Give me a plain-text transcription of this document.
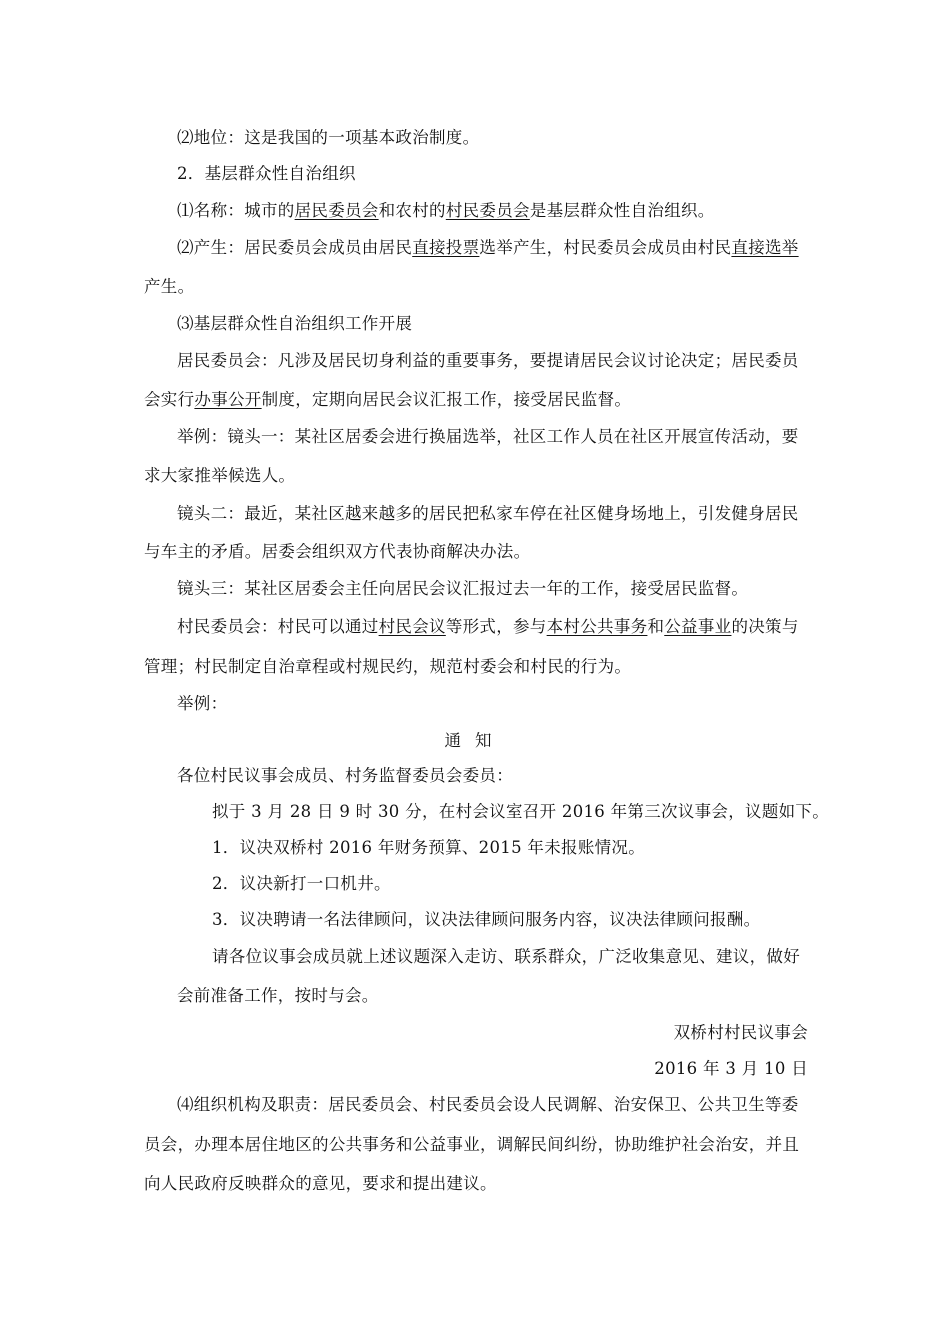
⑵地位：这是我国的一项基本政治制度。
2．基层群众性自治组织
⑴名称：城市的居民委员会和农村的村民委员会是基层群众性自治组织。
⑵产生：居民委员会成员由居民直接投票选举产生，村民委员会成员由村民直接选举
产生。
⑶基层群众性自治组织工作开展
居民委员会：凡涉及居民切身利益的重要事务，要提请居民会议讨论决定；居民委员
会实行办事公开制度，定期向居民会议汇报工作，接受居民监督。
举例：镜头一：某社区居委会进行换届选举，社区工作人员在社区开展宣传活动，要
求大家推举候选人。
镜头二：最近，某社区越来越多的居民把私家车停在社区健身场地上，引发健身居民
与车主的矛盾。居委会组织双方代表协商解决办法。
镜头三：某社区居委会主任向居民会议汇报过去一年的工作，接受居民监督。
村民委员会：村民可以通过村民会议等形式，参与本村公共事务和公益事业的决策与
管理；村民制定自治章程或村规民约，规范村委会和村民的行为。
举例：
通知
各位村民议事会成员、村务监督委员会委员：
拟于 3 月 28 日 9 时 30 分，在村会议室召开 2016 年第三次议事会，议题如下。
1．议决双桥村 2016 年财务预算、2015 年未报账情况。
2．议决新打一口机井。
3．议决聘请一名法律顾问，议决法律顾问服务内容，议决法律顾问报酬。
请各位议事会成员就上述议题深入走访、联系群众，广泛收集意见、建议，做好
会前准备工作，按时与会。
双桥村村民议事会
2016 年 3 月 10 日
⑷组织机构及职责：居民委员会、村民委员会设人民调解、治安保卫、公共卫生等委
员会，办理本居住地区的公共事务和公益事业，调解民间纠纷，协助维护社会治安，并且
向人民政府反映群众的意见，要求和提出建议。
